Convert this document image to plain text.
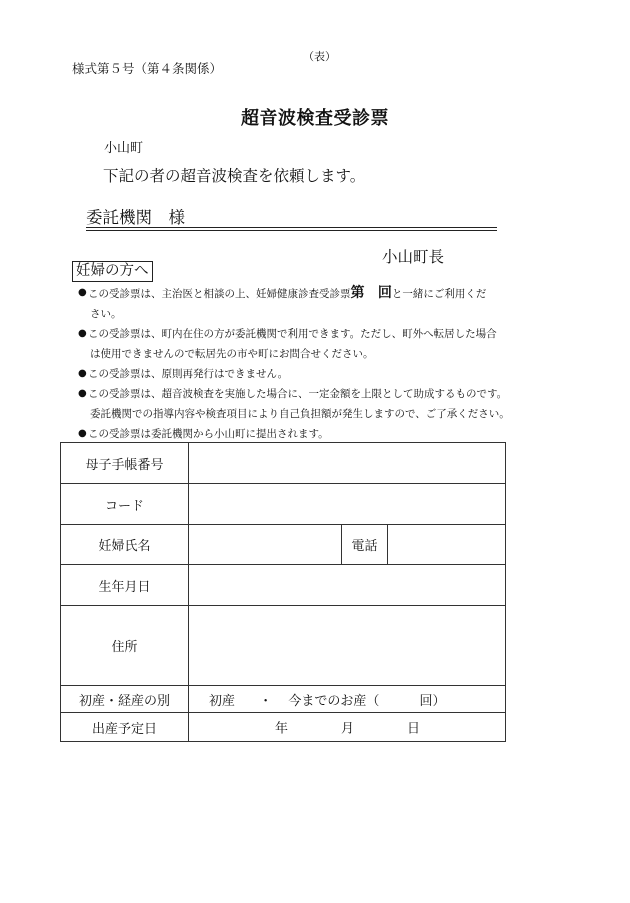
（表）
様式第５号（第４条関係）
超音波検査受診票
小山町
下記の者の超音波検査を依頼します。
委託機関　様
小山町長
妊婦の方へ
● この受診票は、主治医と相談の上、妊婦健康診査受診票第 回と一緒にご利用くだ
さい。
● この受診票は、町内在住の方が委託機関で利用できます。ただし、町外へ転居した場合
は使用できませんので転居先の市や町にお問合せください。
● この受診票は、原則再発行はできません。
● この受診票は、超音波検査を実施した場合に、一定金額を上限として助成するものです。
委託機関での指導内容や検査項目により自己負担額が発生しますので、ご了承ください。
● この受診票は委託機関から小山町に提出されます。
母子手帳番号			
コード			
妊婦氏名		電話	
生年月日			
住所			
初産・経産の別	初産 ・ 今までのお産（ 回）		
出産予定日	年 月 日		
